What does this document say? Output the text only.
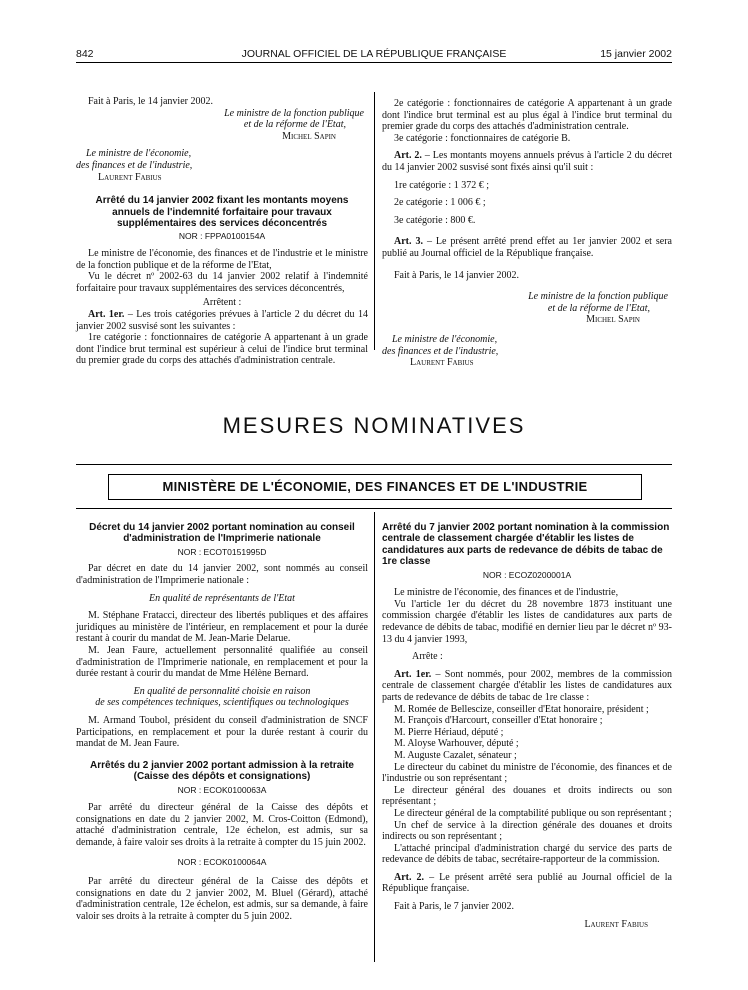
842	JOURNAL OFFICIEL DE LA RÉPUBLIQUE FRANÇAISE	15 janvier 2002

Fait à Paris, le 14 janvier 2002.

Le ministre de la fonction publique

et de la réforme de l'Etat,

Michel Sapin

Le ministre de l'économie,

des finances et de l'industrie,

Laurent Fabius

Arrêté du 14 janvier 2002 fixant les montants moyens annuels de l'indemnité forfaitaire pour travaux supplémentaires des services déconcentrés
NOR : FPPA0100154A

Le ministre de l'économie, des finances et de l'industrie et le ministre de la fonction publique et de la réforme de l'Etat,

Vu le décret nº 2002-63 du 14 janvier 2002 relatif à l'indemnité forfaitaire pour travaux supplémentaires des services déconcentrés,

Arrêtent :

Art. 1er. – Les trois catégories prévues à l'article 2 du décret du 14 janvier 2002 susvisé sont les suivantes :

1re catégorie : fonctionnaires de catégorie A appartenant à un grade dont l'indice brut terminal est supérieur à celui de l'indice brut terminal du premier grade du corps des attachés d'administration centrale.

2e catégorie : fonctionnaires de catégorie A appartenant à un grade dont l'indice brut terminal est au plus égal à l'indice brut terminal du premier grade du corps des attachés d'administration centrale.

3e catégorie : fonctionnaires de catégorie B.

Art. 2. – Les montants moyens annuels prévus à l'article 2 du décret du 14 janvier 2002 susvisé sont fixés ainsi qu'il suit :

1re catégorie : 1 372 € ;

2e catégorie : 1 006 € ;

3e catégorie : 800 €.

Art. 3. – Le présent arrêté prend effet au 1er janvier 2002 et sera publié au Journal officiel de la République française.

Fait à Paris, le 14 janvier 2002.

Le ministre de la fonction publique

et de la réforme de l'Etat,

Michel Sapin

Le ministre de l'économie,

des finances et de l'industrie,

Laurent Fabius

MESURES NOMINATIVES
MINISTÈRE DE L'ÉCONOMIE, DES FINANCES ET DE L'INDUSTRIE
Décret du 14 janvier 2002 portant nomination au conseil d'administration de l'Imprimerie nationale
NOR : ECOT0151995D

Par décret en date du 14 janvier 2002, sont nommés au conseil d'administration de l'Imprimerie nationale :

En qualité de représentants de l'Etat

M. Stéphane Fratacci, directeur des libertés publiques et des affaires juridiques au ministère de l'intérieur, en remplacement et pour la durée restant à courir du mandat de M. Jean-Marie Delarue.

M. Jean Faure, actuellement personnalité qualifiée au conseil d'administration de l'Imprimerie nationale, en remplacement et pour la durée restant à courir du mandat de Mme Hélène Bernard.

En qualité de personnalité choisie en raison

de ses compétences techniques, scientifiques ou technologiques

M. Armand Toubol, président du conseil d'administration de SNCF Participations, en remplacement et pour la durée restant à courir du mandat de M. Jean Faure.

Arrêtés du 2 janvier 2002 portant admission à la retraite (Caisse des dépôts et consignations)
NOR : ECOK0100063A

Par arrêté du directeur général de la Caisse des dépôts et consignations en date du 2 janvier 2002, M. Cros-Coitton (Edmond), attaché d'administration centrale, 12e échelon, est admis, sur sa demande, à faire valoir ses droits à la retraite à compter du 15 juin 2002.

NOR : ECOK0100064A

Par arrêté du directeur général de la Caisse des dépôts et consignations en date du 2 janvier 2002, M. Bluel (Gérard), attaché d'administration centrale, 12e échelon, est admis, sur sa demande, à faire valoir ses droits à la retraite à compter du 5 juin 2002.

Arrêté du 7 janvier 2002 portant nomination à la commission centrale de classement chargée d'établir les listes de candidatures aux parts de redevance de débits de tabac de 1re classe
NOR : ECOZ0200001A

Le ministre de l'économie, des finances et de l'industrie,

Vu l'article 1er du décret du 28 novembre 1873 instituant une commission chargée d'établir les listes de candidatures aux parts de redevance de débits de tabac, modifié en dernier lieu par le décret nº 93-13 du 4 janvier 1993,

Arrête :

Art. 1er. – Sont nommés, pour 2002, membres de la commission centrale de classement chargée d'établir les listes de candidatures aux parts de redevance de débits de tabac de 1re classe :

M. Romée de Bellescize, conseiller d'Etat honoraire, président ;

M. François d'Harcourt, conseiller d'Etat honoraire ;

M. Pierre Hériaud, député ;

M. Aloyse Warhouver, député ;

M. Auguste Cazalet, sénateur ;

Le directeur du cabinet du ministre de l'économie, des finances et de l'industrie ou son représentant ;

Le directeur général des douanes et droits indirects ou son représentant ;

Le directeur général de la comptabilité publique ou son représentant ;

Un chef de service à la direction générale des douanes et droits indirects ou son représentant ;

L'attaché principal d'administration chargé du service des parts de redevance de débits de tabac, secrétaire-rapporteur de la commission.

Art. 2. – Le présent arrêté sera publié au Journal officiel de la République française.

Fait à Paris, le 7 janvier 2002.

Laurent Fabius
